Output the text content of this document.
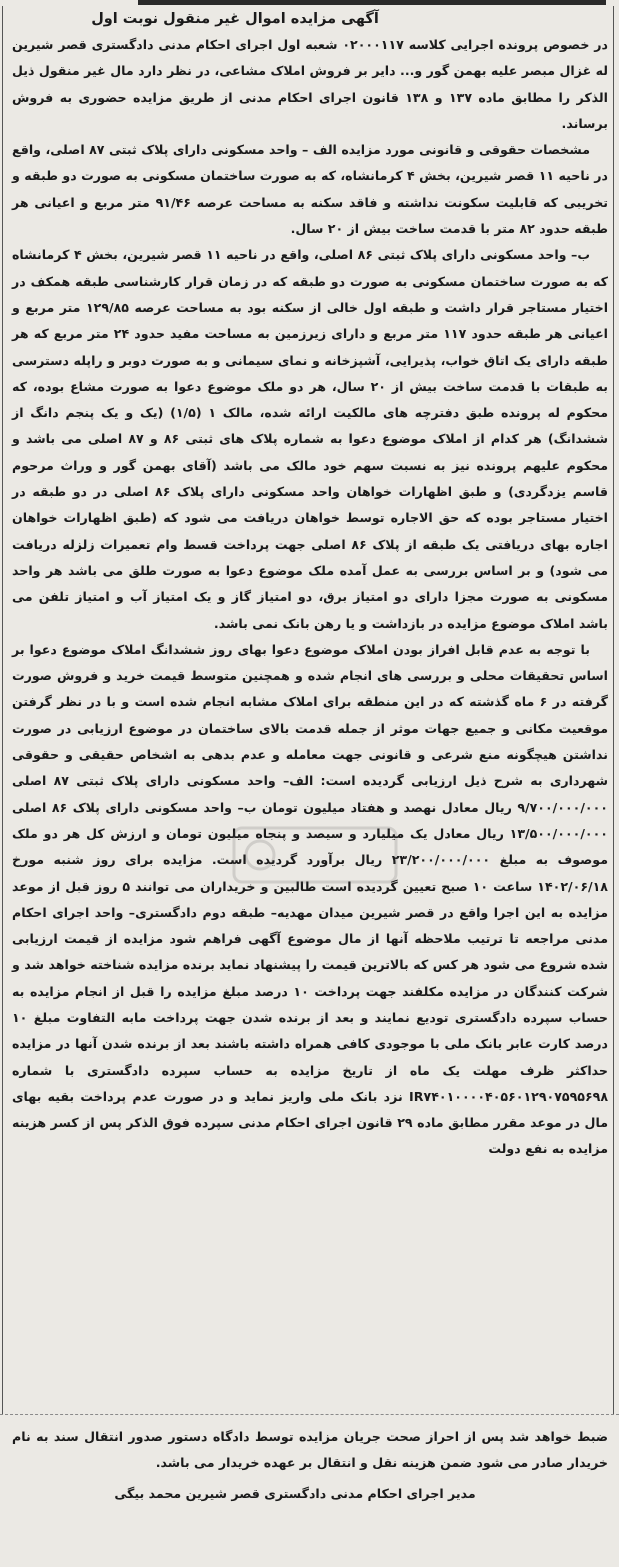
آگهی مزایده اموال غیر منقول نوبت اول

در خصوص پرونده اجرایی کلاسه ۰۲۰۰۰۱۱۷ شعبه اول اجرای احکام مدنی دادگستری قصر شیرین له غزال مبصر علیه بهمن گور و... دایر بر فروش املاک مشاعی، در نظر دارد مال غیر منقول ذیل الذکر را مطابق ماده ۱۳۷ و ۱۳۸ قانون اجرای احکام مدنی از طریق مزایده حضوری به فروش برساند.

مشخصات حقوقی و قانونی مورد مزایده الف – واحد مسکونی دارای پلاک ثبتی ۸۷ اصلی، واقع در ناحیه ۱۱ قصر شیرین، بخش ۴ کرمانشاه، که به صورت ساختمان مسکونی به صورت دو طبقه و تخریبی که قابلیت سکونت نداشته و فاقد سکنه به مساحت عرصه ۹۱/۴۶ متر مربع و اعیانی هر طبقه حدود ۸۲ متر با قدمت ساخت بیش از ۲۰ سال.

ب– واحد مسکونی دارای پلاک ثبتی ۸۶ اصلی، واقع در ناحیه ۱۱ قصر شیرین، بخش ۴ کرمانشاه که به صورت ساختمان مسکونی به صورت دو طبقه که در زمان قرار کارشناسی طبقه همکف در اختیار مستاجر قرار داشت و طبقه اول خالی از سکنه بود به مساحت عرصه ۱۲۹/۸۵ متر مربع و اعیانی هر طبقه حدود ۱۱۷ متر مربع و دارای زیرزمین به مساحت مفید حدود ۲۴ متر مربع که هر طبقه دارای یک اتاق خواب، پذیرایی، آشپزخانه و نمای سیمانی و به صورت دوبر و راپله دسترسی به طبقات با قدمت ساخت بیش از ۲۰ سال، هر دو ملک موضوع دعوا به صورت مشاع بوده، که محکوم له پرونده طبق دفترچه های مالکیت ارائه شده، مالک ۱ (۱/۵) (یک و یک پنجم دانگ از ششدانگ) هر کدام از املاک موضوع دعوا به شماره پلاک های ثبتی ۸۶ و ۸۷ اصلی می باشد و محکوم علیهم پرونده نیز به نسبت سهم خود مالک می باشد (آقای بهمن گور و وراث مرحوم قاسم یزدگردی) و طبق اظهارات خواهان واحد مسکونی دارای پلاک ۸۶ اصلی در دو طبقه در اختیار مستاجر بوده که حق الاجاره توسط خواهان دریافت می شود که (طبق اظهارات خواهان اجاره بهای دریافتی یک طبقه از پلاک ۸۶ اصلی جهت پرداخت قسط وام تعمیرات زلزله دریافت می شود) و بر اساس بررسی به عمل آمده ملک موضوع دعوا به صورت طلق می باشد هر واحد مسکونی به صورت مجزا دارای دو امتیاز برق، دو امتیاز گاز و یک امتیاز آب و امتیاز تلفن می باشد املاک موضوع مزایده در بازداشت و یا رهن بانک نمی باشد.

با توجه به عدم قابل افراز بودن املاک موضوع دعوا بهای روز ششدانگ املاک موضوع دعوا بر اساس تحقیقات محلی و بررسی های انجام شده و همچنین متوسط قیمت خرید و فروش صورت گرفته در ۶ ماه گذشته که در این منطقه برای املاک مشابه انجام شده است و با در نظر گرفتن موقعیت مکانی و جمیع جهات موثر از جمله قدمت بالای ساختمان در موضوع ارزیابی در صورت نداشتن هیچگونه منع شرعی و قانونی جهت معامله و عدم بدهی به اشخاص حقیقی و حقوقی شهرداری به شرح ذیل ارزیابی گردیده است: الف– واحد مسکونی دارای پلاک ثبتی ۸۷ اصلی ۹/۷۰۰/۰۰۰/۰۰۰ ریال معادل نهصد و هفتاد میلیون تومان ب– واحد مسکونی دارای پلاک ۸۶ اصلی ۱۳/۵۰۰/۰۰۰/۰۰۰ ریال معادل یک میلیارد و سیصد و پنجاه میلیون تومان و ارزش کل هر دو ملک موصوف به مبلغ ۲۳/۲۰۰/۰۰۰/۰۰۰ ریال برآورد گردیده است. مزایده برای روز شنبه مورخ ۱۴۰۲/۰۶/۱۸ ساعت ۱۰ صبح تعیین گردیده است طالبین و خریداران می توانند ۵ روز قبل از موعد مزایده به این اجرا واقع در قصر شیرین میدان مهدیه– طبقه دوم دادگستری– واحد اجرای احکام مدنی مراجعه تا ترتیب ملاحظه آنها از مال موضوع آگهی فراهم شود مزایده از قیمت ارزیابی شده شروع می شود هر کس که بالاترین قیمت را پیشنهاد نماید برنده مزایده شناخته خواهد شد و شرکت کنندگان در مزایده مکلفند جهت پرداخت ۱۰ درصد مبلغ مزایده را قبل از انجام مزایده به حساب سپرده دادگستری تودیع نمایند و بعد از برنده شدن جهت پرداخت مابه التفاوت مبلغ ۱۰ درصد کارت عابر بانک ملی با موجودی کافی همراه داشته باشند بعد از برنده شدن آنها در مزایده حداکثر ظرف مهلت یک ماه از تاریخ مزایده به حساب سپرده دادگستری با شماره IR۷۴۰۱۰۰۰۰۴۰۵۶۰۱۲۹۰۷۵۹۵۶۹۸ نزد بانک ملی واریز نماید و در صورت عدم پرداخت بقیه بهای مال در موعد مقرر مطابق ماده ۲۹ قانون اجرای احکام مدنی سپرده فوق الذکر پس از کسر هزینه مزایده به نفع دولت

ضبط خواهد شد پس از احراز صحت جریان مزایده توسط دادگاه دستور صدور انتقال سند به نام خریدار صادر می شود ضمن هزینه نقل و انتقال بر عهده خریدار می باشد.

مدیر اجرای احکام مدنی دادگستری قصر شیرین محمد بیگی
